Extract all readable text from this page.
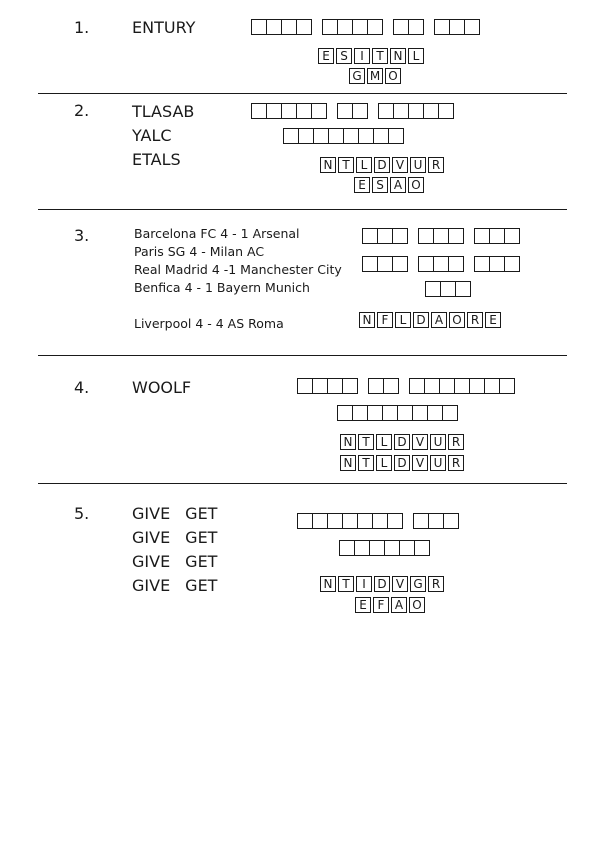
1.	ENTURY
E S	I	T N L
G M O
2.	TLASAB
YALC
ETALS	N T L D V U R
E S A O
3.	Barcelona FC 4 - 1 Arsenal
Paris SG 4 - Milan AC
Real Madrid 4 -1 Manchester City
Benfica 4 - 1 Bayern Munich
Liverpool 4 - 4 AS Roma	N F L D A O R E
4.	WOOLF
N T L D V U R
N T L D V U R
5.	GIVE GET
GIVE GET
GIVE GET
GIVE GET	N T	I D V G R
E F A O
